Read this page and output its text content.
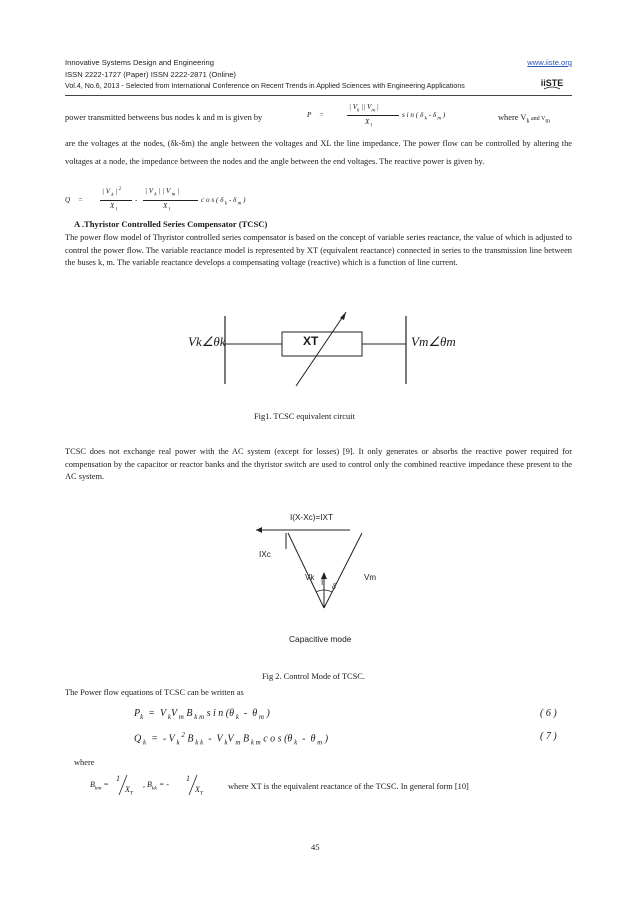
Innovative Systems Design and Engineering	www.iiste.org
ISSN 2222-1727 (Paper) ISSN 2222-2871 (Online)
Vol.4, No.6, 2013 - Selected from International Conference on Recent Trends in Applied Sciences with Engineering Applications	iiSTE
power transmitted betweens bus nodes k and m is given by	P =
| $V_k$ || $V_m$ |
X $_l$
s i n ( δ $_k$ - δ $_m$ )	where $V_k$ and $V_m$
are the voltages at the nodes, (δk-δm) the angle between the voltages and XL the line impedance. The power flow can be controlled by altering the voltages at a node, the impedance between the nodes and the angle between the end voltages. The reactive power is given by.
Q =
| V $_k$ | $^2$
X $_l$
-
| V $_k$ | | V $_m$ |
X $_l$
c o s ( δ $_k$ - δ $_m$ )
A .Thyristor Controlled Series Compensator (TCSC)
The power flow model of Thyristor controlled series compensator is based on the concept of variable series reactance, the value of which is adjusted to control the power flow. The variable reactance model is represented by XT (equivalent reactance) connected in series to the transmission line between the buses k, m. The variable reactance develops a compensating voltage (reactive) which is a function of line current.
Vk∠θk	XT	Vm∠θm
Fig1. TCSC equivalent circuit
TCSC does not exchange real power with the AC system (except for losses) [9]. It only generates or absorbs the reactive power required for compensation by the capacitor or reactor banks and the thyristor switch are used to control only the combined reactive impedance these present to the AC system.
I(X-Xc)=IXT
IXc
Vk
I δ
Vm
Capacitive mode
Fig 2. Control Mode of TCSC.
The Power flow equations of TCSC can be written as
$P_k = V$ $_k$V $_m$ B $_{k m}$ s i n (θ $_k$  -  θ $_m$ )	( 6 )
Q $_k$  =  - V $_k$ $^2$ B $_{k k}$  -  V $_k$V $_m$ B $_{k m}$ c o s (θ $_k$  -  θ $_m$ )	( 7 )
where
$B_{km}$ =
1
$X_T$
, $B_{kk}$ = -
1
$X_T$
where XT is the equivalent reactance of the TCSC. In general form [10]
45
